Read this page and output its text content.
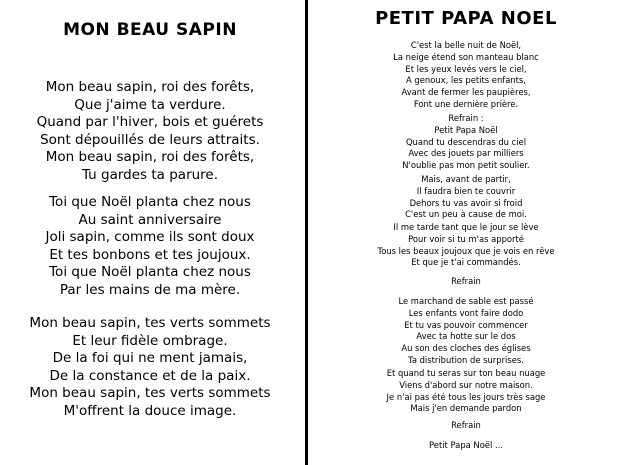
MON BEAU SAPIN
Mon beau sapin, roi des forêts,
Que j'aime ta verdure.
Quand par l'hiver, bois et guérets
Sont dépouillés de leurs attraits.
Mon beau sapin, roi des forêts,
Tu gardes ta parure.
Toi que Noël planta chez nous
Au saint anniversaire
Joli sapin, comme ils sont doux
Et tes bonbons et tes joujoux.
Toi que Noël planta chez nous
Par les mains de ma mère.
Mon beau sapin, tes verts sommets
Et leur fidèle ombrage.
De la foi qui ne ment jamais,
De la constance et de la paix.
Mon beau sapin, tes verts sommets
M'offrent la douce image.
PETIT PAPA NOEL
C'est la belle nuit de Noël,
La neige étend son manteau blanc
Et les yeux levés vers le ciel,
A genoux, les petits enfants,
Avant de fermer les paupières,
Font une dernière prière.
Refrain :
Petit Papa Noël
Quand tu descendras du ciel
Avec des jouets par milliers
N'oublie pas mon petit soulier.
Mais, avant de partir,
Il faudra bien te couvrir
Dehors tu vas avoir si froid
C'est un peu à cause de moi.
Il me tarde tant que le jour se lève
Pour voir si tu m'as apporté
Tous les beaux joujoux que je vois en rêve
Et que je t'ai commandés.
Refrain
Le marchand de sable est passé
Les enfants vont faire dodo
Et tu vas pouvoir commencer
Avec ta hotte sur le dos
Au son des cloches des églises
Ta distribution de surprises.
Et quand tu seras sur ton beau nuage
Viens d'abord sur notre maison.
Je n'ai pas été tous les jours très sage
Mais j'en demande pardon
Refrain
Petit Papa Noël ...
